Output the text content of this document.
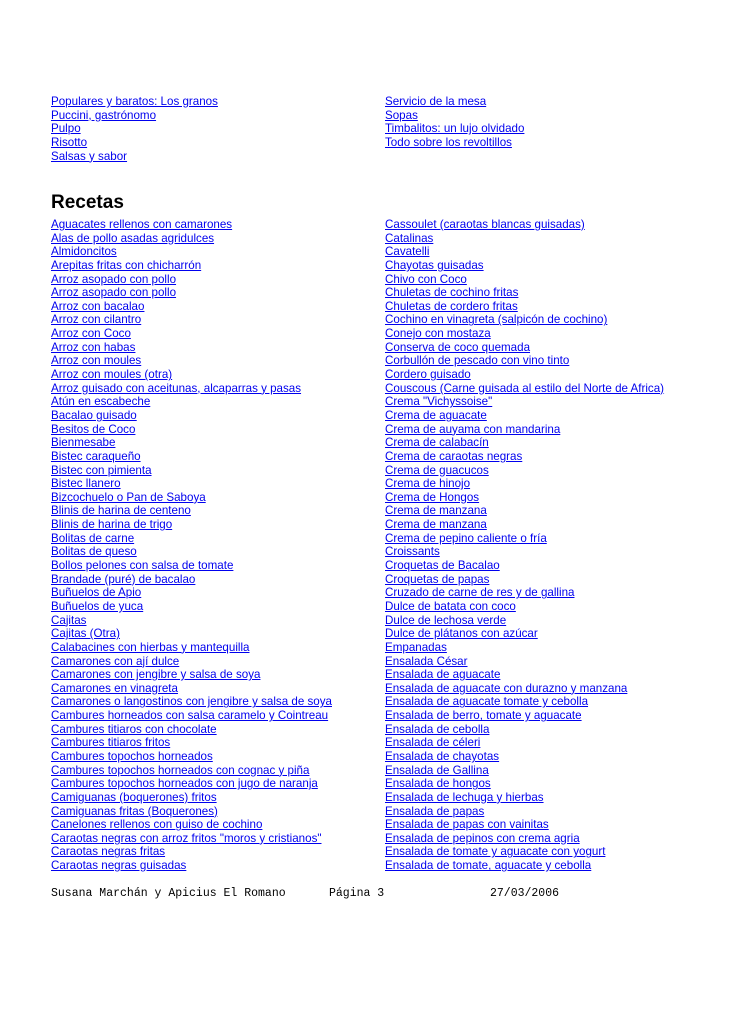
Populares y baratos: Los granos
Puccini, gastrónomo
Pulpo
Risotto
Salsas y sabor
Servicio de la mesa
Sopas
Timbalitos: un lujo olvidado
Todo sobre los revoltillos
Recetas
Aguacates rellenos con camarones
Alas de pollo asadas agridulces
Almidoncitos
Arepitas fritas con chicharrón
Arroz asopado con pollo
Arroz asopado con pollo
Arroz con bacalao
Arroz con cilantro
Arroz con Coco
Arroz con habas
Arroz con moules
Arroz con moules (otra)
Arroz guisado con aceitunas, alcaparras y pasas
Atún en escabeche
Bacalao guisado
Besitos de Coco
Bienmesabe
Bistec caraqueño
Bistec con pimienta
Bistec llanero
Bizcochuelo o Pan de Saboya
Blinis de harina de centeno
Blinis de harina de trigo
Bolitas de carne
Bolitas de queso
Bollos pelones con salsa de tomate
Brandade (puré) de bacalao
Buñuelos de Apio
Buñuelos de yuca
Cajitas
Cajitas (Otra)
Calabacines con hierbas y mantequilla
Camarones con ají dulce
Camarones con jengibre y salsa de soya
Camarones en vinagreta
Camarones o langostinos con jengibre y salsa de soya
Cambures horneados con salsa caramelo y Cointreau
Cambures titiaros con chocolate
Cambures titiaros fritos
Cambures topochos horneados
Cambures topochos horneados con cognac y piña
Cambures topochos horneados con jugo de naranja
Camiguanas (boquerones) fritos
Camiguanas fritas (Boquerones)
Canelones rellenos con guiso de cochino
Caraotas negras con arroz fritos "moros y cristianos"
Caraotas negras fritas
Caraotas negras guisadas
Cassoulet (caraotas blancas guisadas)
Catalinas
Cavatelli
Chayotas guisadas
Chivo con Coco
Chuletas de cochino fritas
Chuletas de cordero fritas
Cochino en vinagreta (salpicón de cochino)
Conejo con mostaza
Conserva de coco quemada
Corbullón de pescado con vino tinto
Cordero guisado
Couscous (Carne guisada al estilo del Norte de Africa)
Crema "Vichyssoise"
Crema de aguacate
Crema de auyama con mandarina
Crema de calabacín
Crema de caraotas negras
Crema de guacucos
Crema de hinojo
Crema de Hongos
Crema de manzana
Crema de manzana
Crema de pepino caliente o fría
Croissants
Croquetas de Bacalao
Croquetas de papas
Cruzado de carne de res y de gallina
Dulce de batata con coco
Dulce de lechosa verde
Dulce de plátanos con azúcar
Empanadas
Ensalada César
Ensalada de aguacate
Ensalada de aguacate con durazno y manzana
Ensalada de aguacate tomate y cebolla
Ensalada de berro, tomate y aguacate
Ensalada de cebolla
Ensalada de céleri
Ensalada de chayotas
Ensalada de Gallina
Ensalada de hongos
Ensalada de lechuga y hierbas
Ensalada de papas
Ensalada de papas con vainitas
Ensalada de pepinos con crema agria
Ensalada de tomate y aguacate con yogurt
Ensalada de tomate, aguacate y cebolla
Susana Marchán y Apicius El Romano	Página 3	27/03/2006
